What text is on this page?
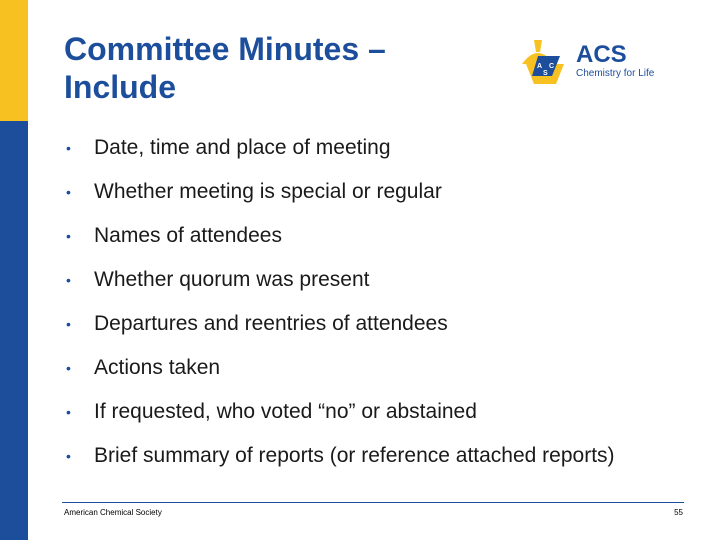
Committee Minutes –
Include
A C
S
ACS
Chemistry for Life
• Date, time and place of meeting
• Whether meeting is special or regular
• Names of attendees
• Whether quorum was present
• Departures and reentries of attendees
• Actions taken
• If requested, who voted “no” or abstained
• Brief summary of reports (or reference attached reports)
American Chemical Society	55
